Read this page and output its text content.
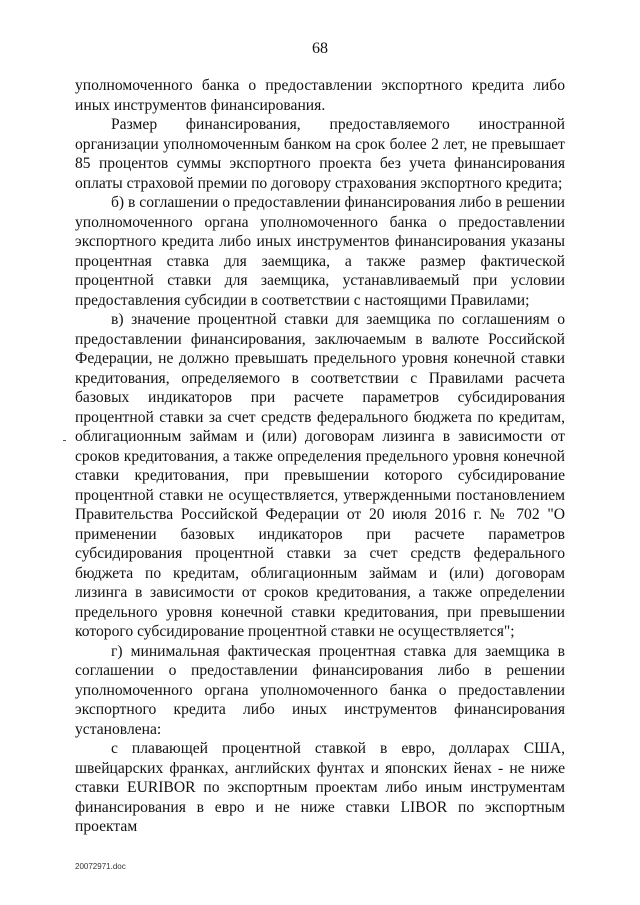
68

уполномоченного банка о предоставлении экспортного кредита либо иных инструментов финансирования.

Размер финансирования, предоставляемого иностранной организации уполномоченным банком на срок более 2 лет, не превышает 85 процентов суммы экспортного проекта без учета финансирования оплаты страховой премии по договору страхования экспортного кредита;

б) в соглашении о предоставлении финансирования либо в решении уполномоченного органа уполномоченного банка о предоставлении экспортного кредита либо иных инструментов финансирования указаны процентная ставка для заемщика, а также размер фактической процентной ставки для заемщика, устанавливаемый при условии предоставления субсидии в соответствии с настоящими Правилами;

в) значение процентной ставки для заемщика по соглашениям о предоставлении финансирования, заключаемым в валюте Российской Федерации, не должно превышать предельного уровня конечной ставки кредитования, определяемого в соответствии с Правилами расчета базовых индикаторов при расчете параметров субсидирования процентной ставки за счет средств федерального бюджета по кредитам, облигационным займам и (или) договорам лизинга в зависимости от сроков кредитования, а также определения предельного уровня конечной ставки кредитования, при превышении которого субсидирование процентной ставки не осуществляется, утвержденными постановлением Правительства Российской Федерации от 20 июля 2016 г. № 702 "О применении базовых индикаторов при расчете параметров субсидирования процентной ставки за счет средств федерального бюджета по кредитам, облигационным займам и (или) договорам лизинга в зависимости от сроков кредитования, а также определении предельного уровня конечной ставки кредитования, при превышении которого субсидирование процентной ставки не осуществляется";

г) минимальная фактическая процентная ставка для заемщика в соглашении о предоставлении финансирования либо в решении уполномоченного органа уполномоченного банка о предоставлении экспортного кредита либо иных инструментов финансирования установлена:

с плавающей процентной ставкой в евро, долларах США, швейцарских франках, английских фунтах и японских йенах - не ниже ставки EURIBOR по экспортным проектам либо иным инструментам финансирования в евро и не ниже ставки LIBOR по экспортным проектам

20072971.doc
